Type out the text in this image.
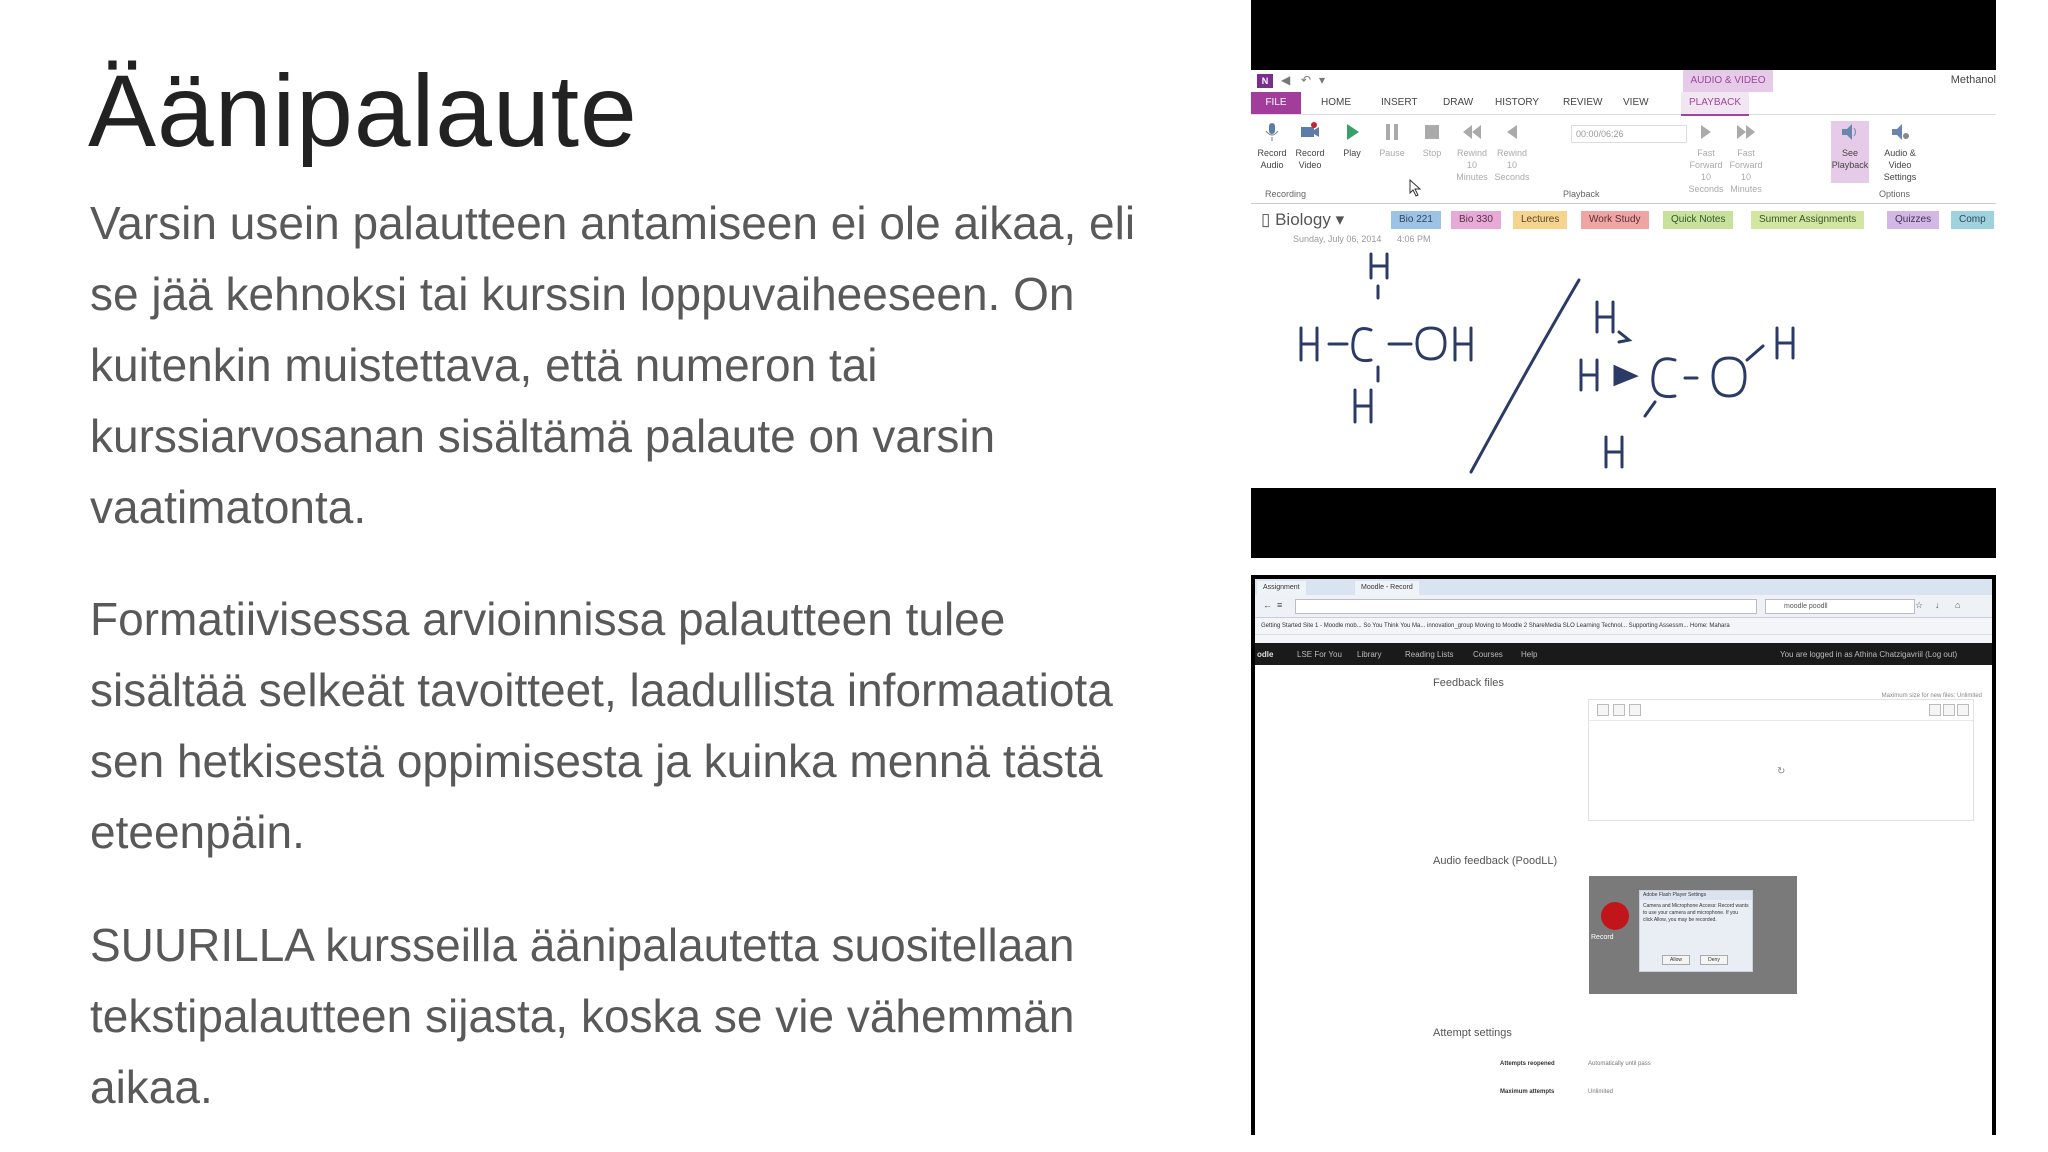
Äänipalaute

Varsin usein palautteen antamiseen ei ole aikaa, eli se jää kehnoksi tai kurssin loppuvaiheeseen. On kuitenkin muistettava, että numeron tai kurssiarvosanan sisältämä palaute on varsin vaatimatonta.

Formatiivisessa arvioinnissa palautteen tulee sisältää selkeät tavoitteet, laadullista informaatiota sen hetkisestä oppimisesta ja kuinka mennä tästä eteenpäin.

SUURILLA kursseilla äänipalautetta suositellaan tekstipalautteen sijasta, koska se vie vähemmän aikaa.

N	◀ ↶ ▾	AUDIO & VIDEO	Methanol
FILE	HOME	INSERT	DRAW HISTORY REVIEW VIEW	PLAYBACK
Record Audio
Record Video
Play	Pause	Stop	Rewind 10 Minutes
Rewind 10 Seconds
00:00/06:26
Fast Forward 10 Seconds
Fast Forward 10 Minutes
See Playback
Audio & Video Settings
Recording	Playback	Options
▯ Biology ▾	Bio 221	Bio 330	Lectures	Work Study	Quick Notes	Summer Assignments	Quizzes	Comp
Sunday, July 06, 2014 4:06 PM
Assignment	Moodle - Record
← ≡	moodle poodll	☆ ↓ ⌂
Getting Started Site 1 - Moodle mob... So You Think You Ma... innovation_group Moving to Moodle 2 ShareMedia SLO Learning Technol... Supporting Assessm... Home: Mahara
odle	LSE For You Library	Reading Lists Courses Help	You are logged in as Athina Chatzigavriil (Log out)
Feedback files
Maximum size for new files: Unlimited
↻
Audio feedback (PoodLL)
Record
Adobe Flash Player Settings
Camera and Microphone Access: Record wants to use your camera and microphone. If you click Allow, you may be recorded.
Allow	Deny
Attempt settings
Attempts reopened	Automatically until pass
Maximum attempts	Unlimited
